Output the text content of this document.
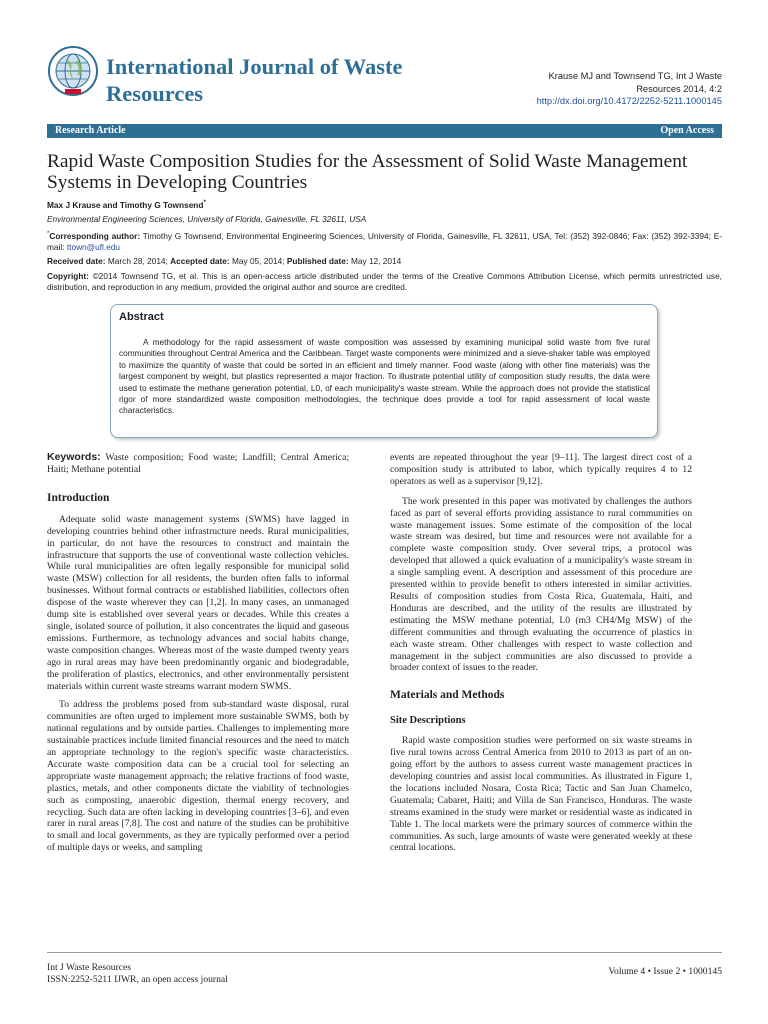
International Journal of Waste Resources
Krause MJ and Townsend TG, Int J Waste
Resources 2014, 4:2
http://dx.doi.org/10.4172/2252-5211.1000145
Research Article	Open Access
Rapid Waste Composition Studies for the Assessment of Solid Waste Management Systems in Developing Countries
Max J Krause and Timothy G Townsend*
Environmental Engineering Sciences, University of Florida, Gainesville, FL 32611, USA
*Corresponding author: Timothy G Townsend, Environmental Engineering Sciences, University of Florida, Gainesville, FL 32611, USA, Tel: (352) 392-0846; Fax: (352) 392-3394; E-mail: ttown@ufl.edu
Received date: March 28, 2014; Accepted date: May 05, 2014; Published date: May 12, 2014
Copyright: ©2014 Townsend TG, et al. This is an open-access article distributed under the terms of the Creative Commons Attribution License, which permits unrestricted use, distribution, and reproduction in any medium, provided the original author and source are credited.
Abstract
A methodology for the rapid assessment of waste composition was assessed by examining municipal solid waste from five rural communities throughout Central America and the Caribbean. Target waste components were minimized and a sieve-shaker table was employed to maximize the quantity of waste that could be sorted in an efficient and timely manner. Food waste (along with other fine materials) was the largest component by weight, but plastics represented a major fraction. To illustrate potential utility of composition study results, the data were used to estimate the methane generation potential, L0, of each municipality's waste stream. While the approach does not provide the statistical rigor of more standardized waste composition methodologies, the technique does provide a tool for rapid assessment of local waste characteristics.

Keywords: Waste composition; Food waste; Landfill; Central America; Haiti; Methane potential

Introduction

Adequate solid waste management systems (SWMS) have lagged in developing countries behind other infrastructure needs. Rural municipalities, in particular, do not have the resources to construct and maintain the infrastructure that supports the use of conventional waste collection vehicles. While rural municipalities are often legally responsible for municipal solid waste (MSW) collection for all residents, the burden often falls to informal businesses. Without formal contracts or established liabilities, collectors often dispose of the waste wherever they can [1,2]. In many cases, an unmanaged dump site is established over several years or decades. While this creates a single, isolated source of pollution, it also concentrates the liquid and gaseous emissions. Furthermore, as technology advances and social habits change, waste composition changes. Whereas most of the waste dumped twenty years ago in rural areas may have been predominantly organic and biodegradable, the proliferation of plastics, electronics, and other environmentally persistent materials within current waste streams warrant modern SWMS.

To address the problems posed from sub-standard waste disposal, rural communities are often urged to implement more sustainable SWMS, both by national regulations and by outside parties. Challenges to implementing more sustainable practices include limited financial resources and the need to match an appropriate technology to the region's specific waste characteristics. Accurate waste composition data can be a crucial tool for selecting an appropriate waste management approach; the relative fractions of food waste, plastics, metals, and other components dictate the viability of technologies such as composting, anaerobic digestion, thermal energy recovery, and recycling. Such data are often lacking in developing countries [3–6], and even rarer in rural areas [7,8]. The cost and nature of the studies can be prohibitive to small and local governments, as they are typically performed over a period of multiple days or weeks, and sampling

events are repeated throughout the year [9–11]. The largest direct cost of a composition study is attributed to labor, which typically requires 4 to 12 operators as well as a supervisor [9,12].

The work presented in this paper was motivated by challenges the authors faced as part of several efforts providing assistance to rural communities on waste management issues. Some estimate of the composition of the local waste stream was desired, but time and resources were not available for a complete waste composition study. Over several trips, a protocol was developed that allowed a quick evaluation of a municipality's waste stream in a single sampling event. A description and assessment of this procedure are presented within to provide benefit to others interested in similar activities. Results of composition studies from Costa Rica, Guatemala, Haiti, and Honduras are described, and the utility of the results are illustrated by estimating the MSW methane potential, L0 (m3 CH4/Mg MSW) of the different communities and through evaluating the occurrence of plastics in each waste stream. Other challenges with respect to waste collection and management in the subject communities are also discussed to provide a broader context of issues to the reader.

Materials and Methods
Site Descriptions

Rapid waste composition studies were performed on six waste streams in five rural towns across Central America from 2010 to 2013 as part of an on-going effort by the authors to assess current waste management practices in developing countries and assist local communities. As illustrated in Figure 1, the locations included Nosara, Costa Rica; Tactic and San Juan Chamelco, Guatemala; Cabaret, Haiti; and Villa de San Francisco, Honduras. The waste streams examined in the study were market or residential waste as indicated in Table 1. The local markets were the primary sources of commerce within the communities. As such, large amounts of waste were generated weekly at these central locations.

Int J Waste Resources
ISSN:2252-5211 IJWR, an open access journal
Volume 4 • Issue 2 • 1000145
